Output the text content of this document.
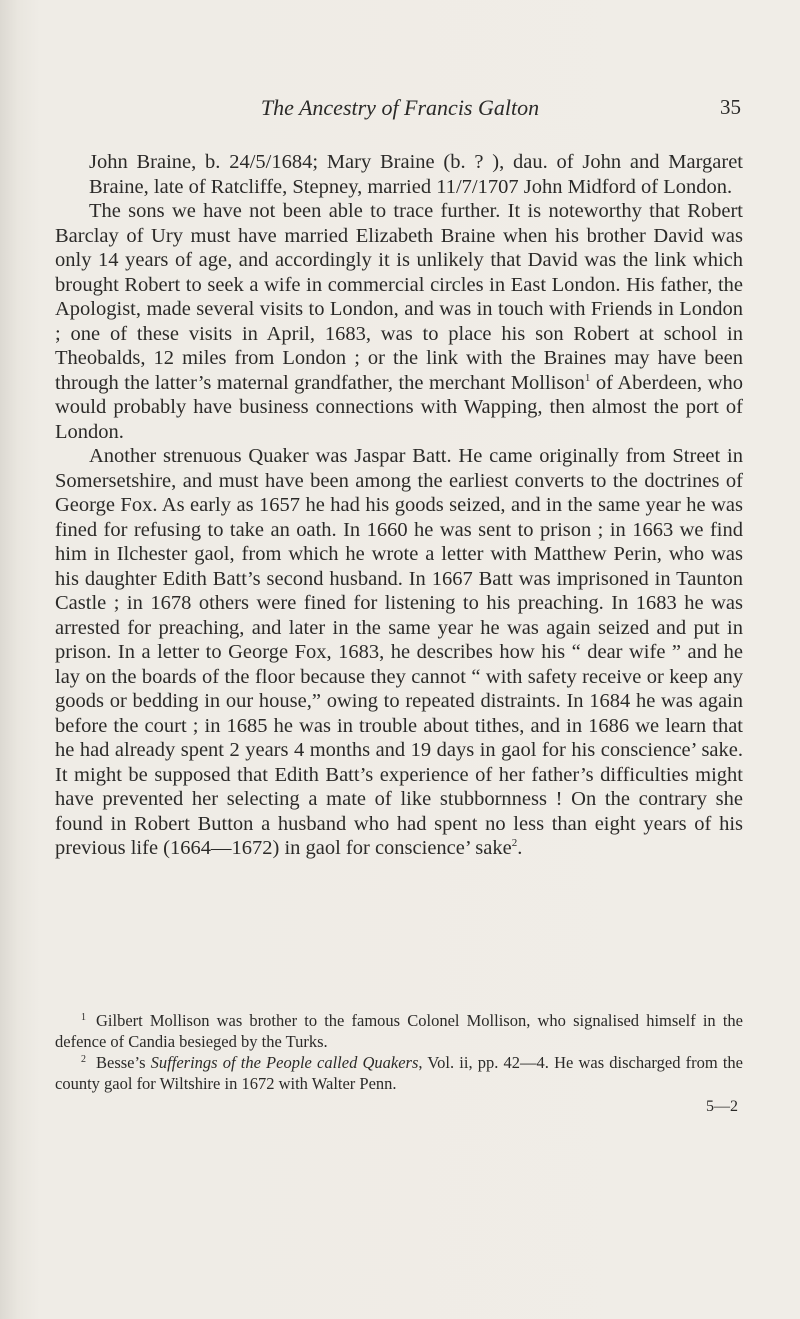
The Ancestry of Francis Galton	35

John Braine, b. 24/5/1684; Mary Braine (b. ? ), dau. of John and Margaret Braine, late of Ratcliffe, Stepney, married 11/7/1707 John Midford of London.

The sons we have not been able to trace further. It is noteworthy that Robert Barclay of Ury must have married Elizabeth Braine when his brother David was only 14 years of age, and accordingly it is unlikely that David was the link which brought Robert to seek a wife in commercial circles in East London. His father, the Apologist, made several visits to London, and was in touch with Friends in London ; one of these visits in April, 1683, was to place his son Robert at school in Theobalds, 12 miles from London ; or the link with the Braines may have been through the latter’s maternal grandfather, the merchant Mollison$^1$ of Aberdeen, who would probably have business connections with Wapping, then almost the port of London.

Another strenuous Quaker was Jaspar Batt. He came originally from Street in Somersetshire, and must have been among the earliest converts to the doctrines of George Fox. As early as 1657 he had his goods seized, and in the same year he was fined for refusing to take an oath. In 1660 he was sent to prison ; in 1663 we find him in Ilchester gaol, from which he wrote a letter with Matthew Perin, who was his daughter Edith Batt’s second husband. In 1667 Batt was imprisoned in Taunton Castle ; in 1678 others were fined for listening to his preaching. In 1683 he was arrested for preaching, and later in the same year he was again seized and put in prison. In a letter to George Fox, 1683, he describes how his “ dear wife ” and he lay on the boards of the floor because they cannot “ with safety receive or keep any goods or bedding in our house,” owing to repeated distraints. In 1684 he was again before the court ; in 1685 he was in trouble about tithes, and in 1686 we learn that he had already spent 2 years 4 months and 19 days in gaol for his conscience’ sake. It might be supposed that Edith Batt’s experience of her father’s difficulties might have prevented her selecting a mate of like stubbornness ! On the contrary she found in Robert Button a husband who had spent no less than eight years of his previous life (1664—1672) in gaol for conscience’ sake$^2$.

$^1$ Gilbert Mollison was brother to the famous Colonel Mollison, who signalised himself in the defence of Candia besieged by the Turks.

$^2$ Besse’s Sufferings of the People called Quakers, Vol. ii, pp. 42—4. He was discharged from the county gaol for Wiltshire in 1672 with Walter Penn.

5—2
